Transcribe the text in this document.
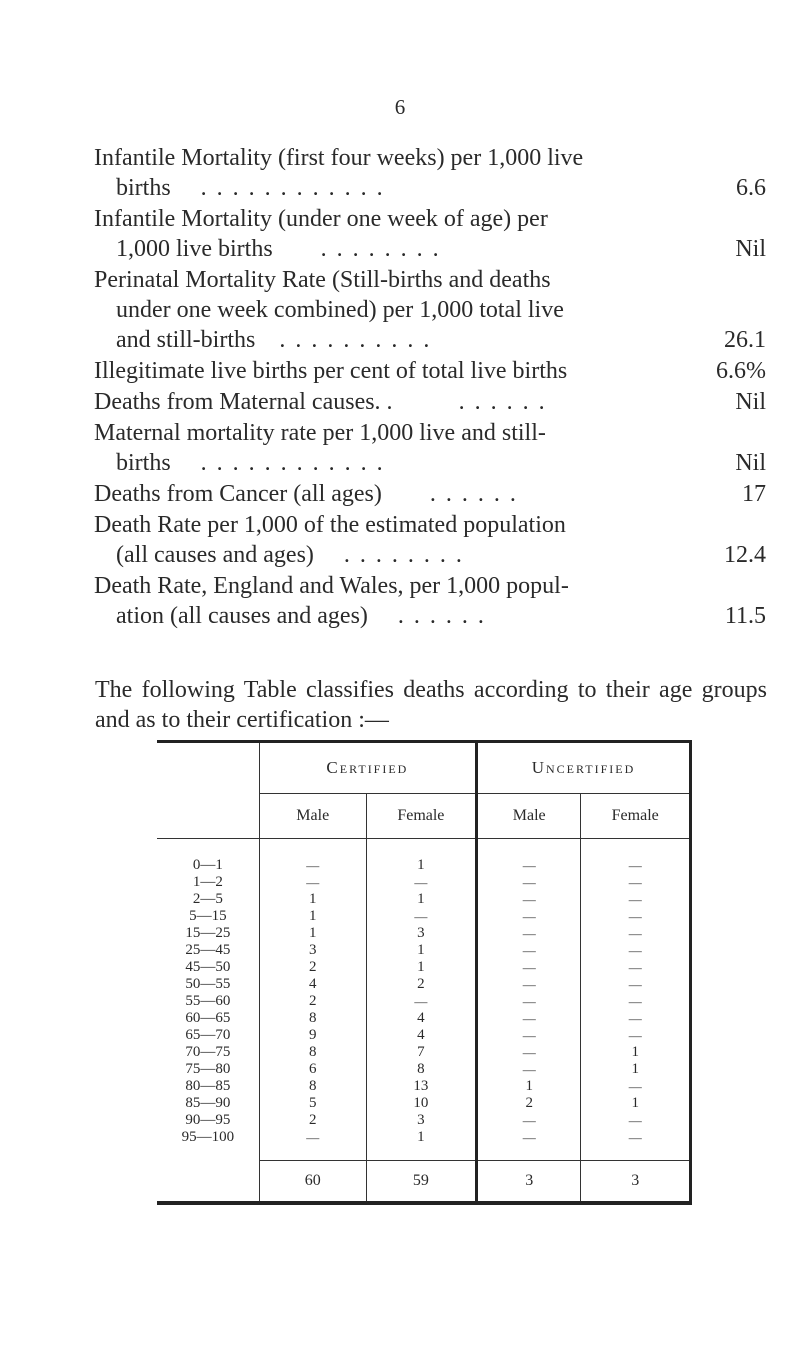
6
Infantile Mortality (first four weeks) per 1,000 live
births . . . . . . . . . . . .	6.6
Infantile Mortality (under one week of age) per
1,000 live births . . . . . . . .	Nil
Perinatal Mortality Rate (Still-births and deaths
under one week combined) per 1,000 total live
and still-births . . . . . . . . . .	26.1
Illegitimate live births per cent of total live births	6.6%
Deaths from Maternal causes. .	. . . . . .	Nil
Maternal mortality rate per 1,000 live and still-
births . . . . . . . . . . . .	Nil
Deaths from Cancer (all ages) . . . . . .	17
Death Rate per 1,000 of the estimated population
(all causes and ages) . . . . . . . .	12.4
Death Rate, England and Wales, per 1,000 popul-
ation (all causes and ages) . . . . . .	11.5
The following Table classifies deaths according to their age groups and as to their certification :—
	Certified		Uncertified	
	Male	Female	Male	Female
0—1	—	1	—	—
1—2	—	—	—	—
2—5	1	1	—	—
5—15	1	—	—	—
15—25	1	3	—	—
25—45	3	1	—	—
45—50	2	1	—	—
50—55	4	2	—	—
55—60	2	—	—	—
60—65	8	4	—	—
65—70	9	4	—	—
70—75	8	7	—	1
75—80	6	8	—	1
80—85	8	13	1	—
85—90	5	10	2	1
90—95	2	3	—	—
95—100	—	1	—	—
	60	59	3	3
